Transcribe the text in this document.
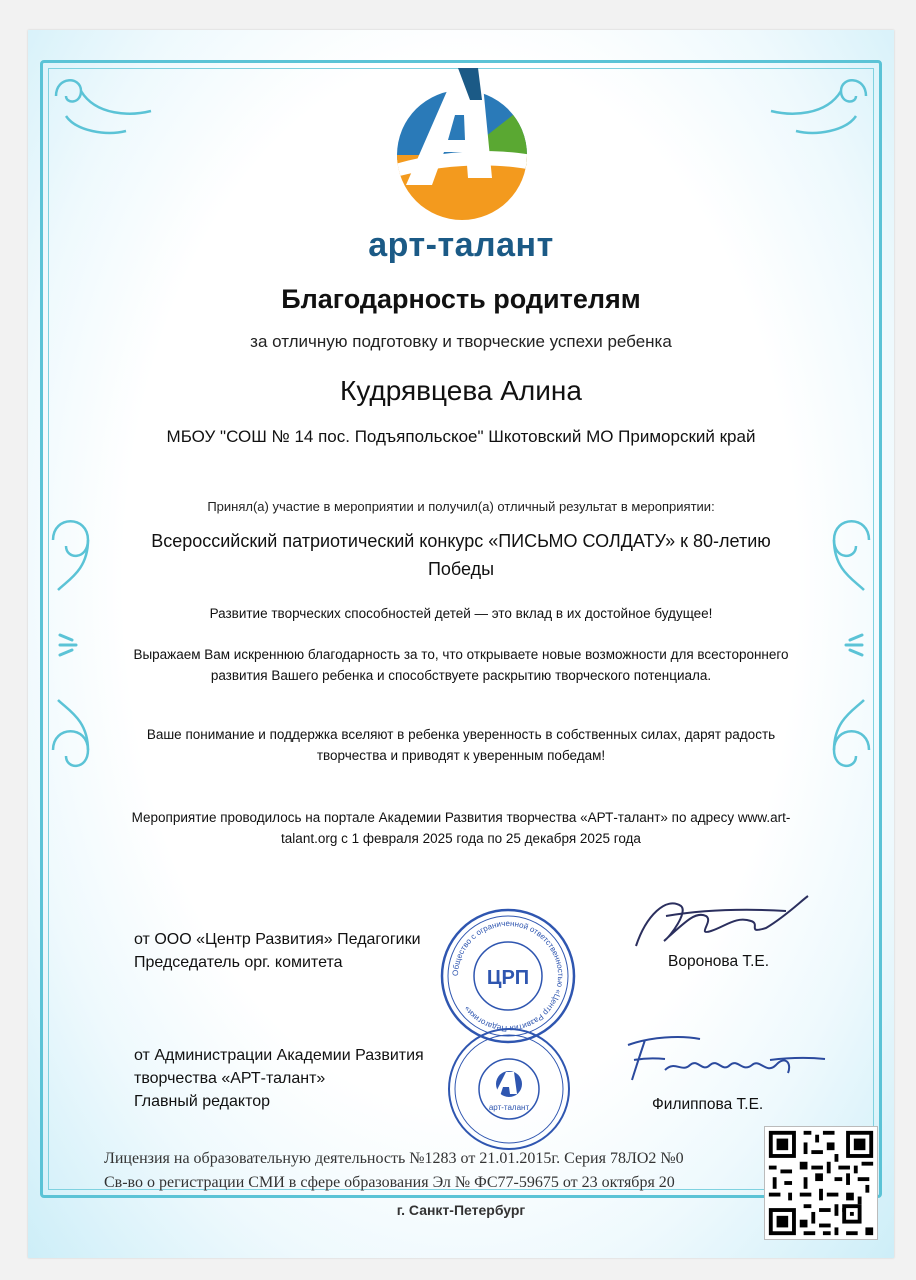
арт-талант
Благодарность родителям
за отличную подготовку и творческие успехи ребенка
Кудрявцева Алина
МБОУ "СОШ № 14 пос. Подъяпольское" Шкотовский МО Приморский край
Принял(а) участие в мероприятии и получил(а) отличный результат в мероприятии:
Всероссийский патриотический конкурс «ПИСЬМО СОЛДАТУ» к 80-летию Победы
Развитие творческих способностей детей — это вклад в их достойное будущее!
Выражаем Вам искреннюю благодарность за то, что открываете новые возможности для всестороннего развития Вашего ребенка и способствуете раскрытию творческого потенциала.
Ваше понимание и поддержка вселяют в ребенка уверенность в собственных силах, дарят радость творчества и приводят к уверенным победам!
Мероприятие проводилось на портале Академии Развития творчества «АРТ-талант» по адресу www.art-talant.org с 1 февраля 2025 года по 25 декабря 2025 года
от ООО «Центр Развития» Педагогики
Председатель орг. комитета	Воронова Т.Е.
от Администрации Академии Развития
творчества «АРТ-талант»
Главный редактор	Филиппова Т.Е.
Общество с ограниченной ответственностью «Центр Развития Педагогики»
ЦРП
арт-талант
Лицензия на образовательную деятельность №1283 от 21.01.2015г. Серия 78ЛО2 №0
Св-во о регистрации СМИ в сфере образования Эл № ФС77-59675 от 23 октября 20
г. Санкт-Петербург
